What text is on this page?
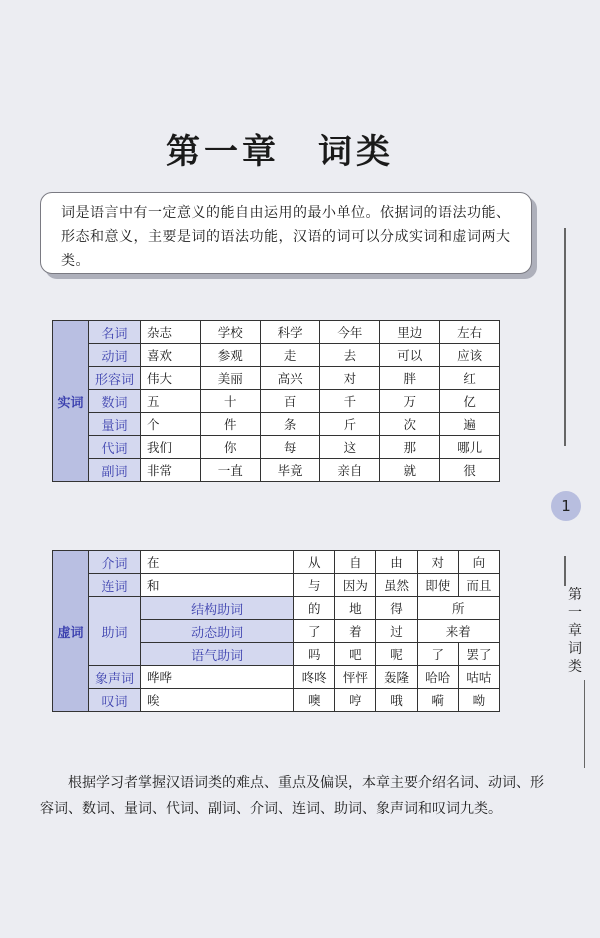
第一章　词类
词是语言中有一定意义的能自由运用的最小单位。依据词的语法功能、形态和意义，主要是词的语法功能，汉语的词可以分成实词和虚词两大类。
实词	名词	杂志	学校	科学	今年	里边	左右
	动词	喜欢	参观	走	去	可以	应该
	形容词	伟大	美丽	高兴	对	胖	红
	数词	五	十	百	千	万	亿
	量词	个	件	条	斤	次	遍
	代词	我们	你	每	这	那	哪儿
	副词	非常	一直	毕竟	亲自	就	很
虚词	介词	在	从	自	由	对	向
	连词	和	与	因为	虽然	即使	而且
	助词	结构助词	的	地	得	所	
		动态助词	了	着	过	来着	
		语气助词	吗	吧	呢	了	罢了
	象声词	哗哗	咚咚	怦怦	轰隆	哈哈	咕咕
	叹词	唉	噢	哼	哦	嗬	呦
根据学习者掌握汉语词类的难点、重点及偏误，本章主要介绍名词、动词、形容词、数词、量词、代词、副词、介词、连词、助词、象声词和叹词九类。
1
第一章 词类
